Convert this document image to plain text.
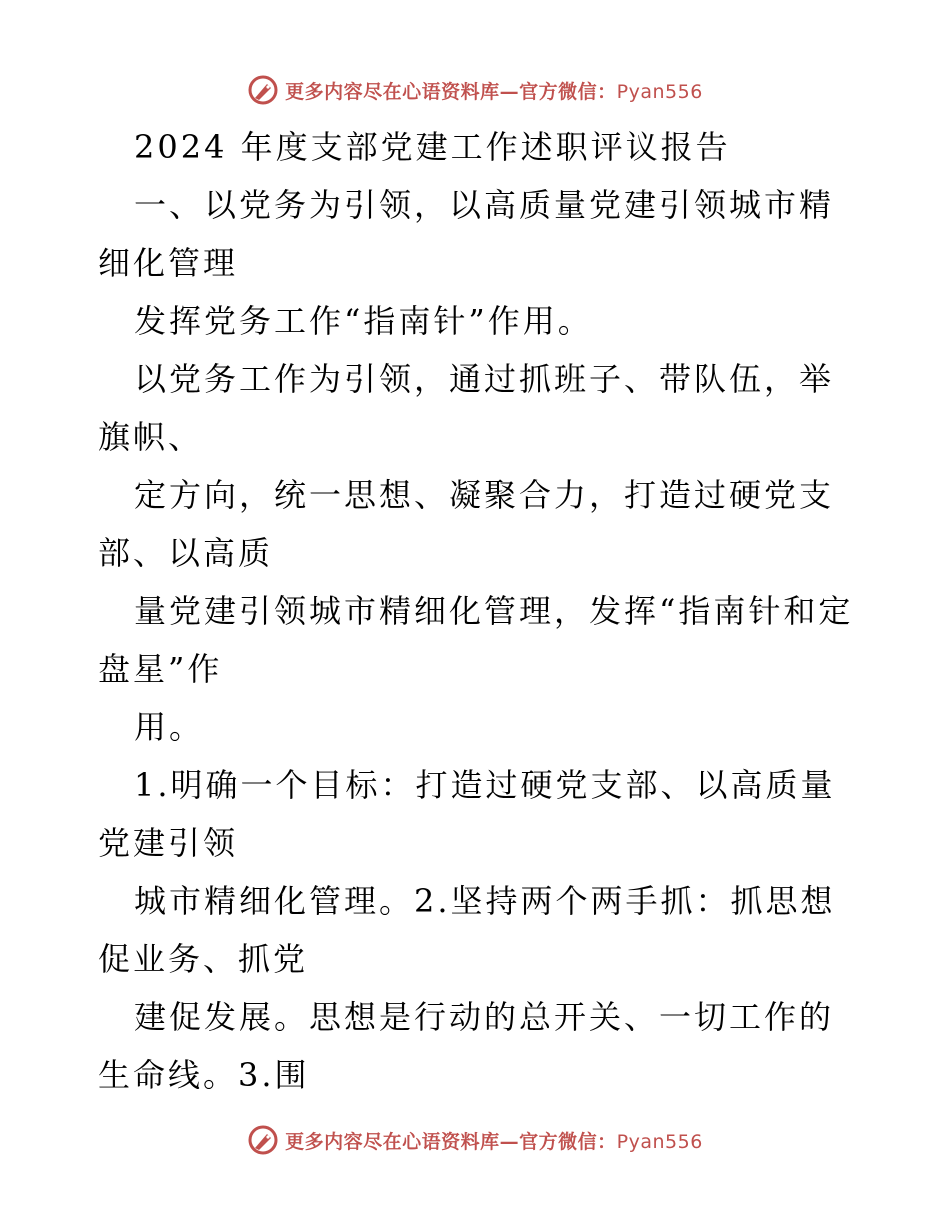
更多内容尽在心语资料库—官方微信：Pyan556

2024 年度支部党建工作述职评议报告

一、以党务为引领，以高质量党建引领城市精细化管理

发挥党务工作“指南针”作用。

以党务工作为引领，通过抓班子、带队伍，举旗帜、

定方向，统一思想、凝聚合力，打造过硬党支部、以高质

量党建引领城市精细化管理，发挥“指南针和定盘星”作

用。

1.明确一个目标：打造过硬党支部、以高质量党建引领

城市精细化管理。2.坚持两个两手抓：抓思想促业务、抓党

建促发展。思想是行动的总开关、一切工作的生命线。3.围

更多内容尽在心语资料库—官方微信：Pyan556
